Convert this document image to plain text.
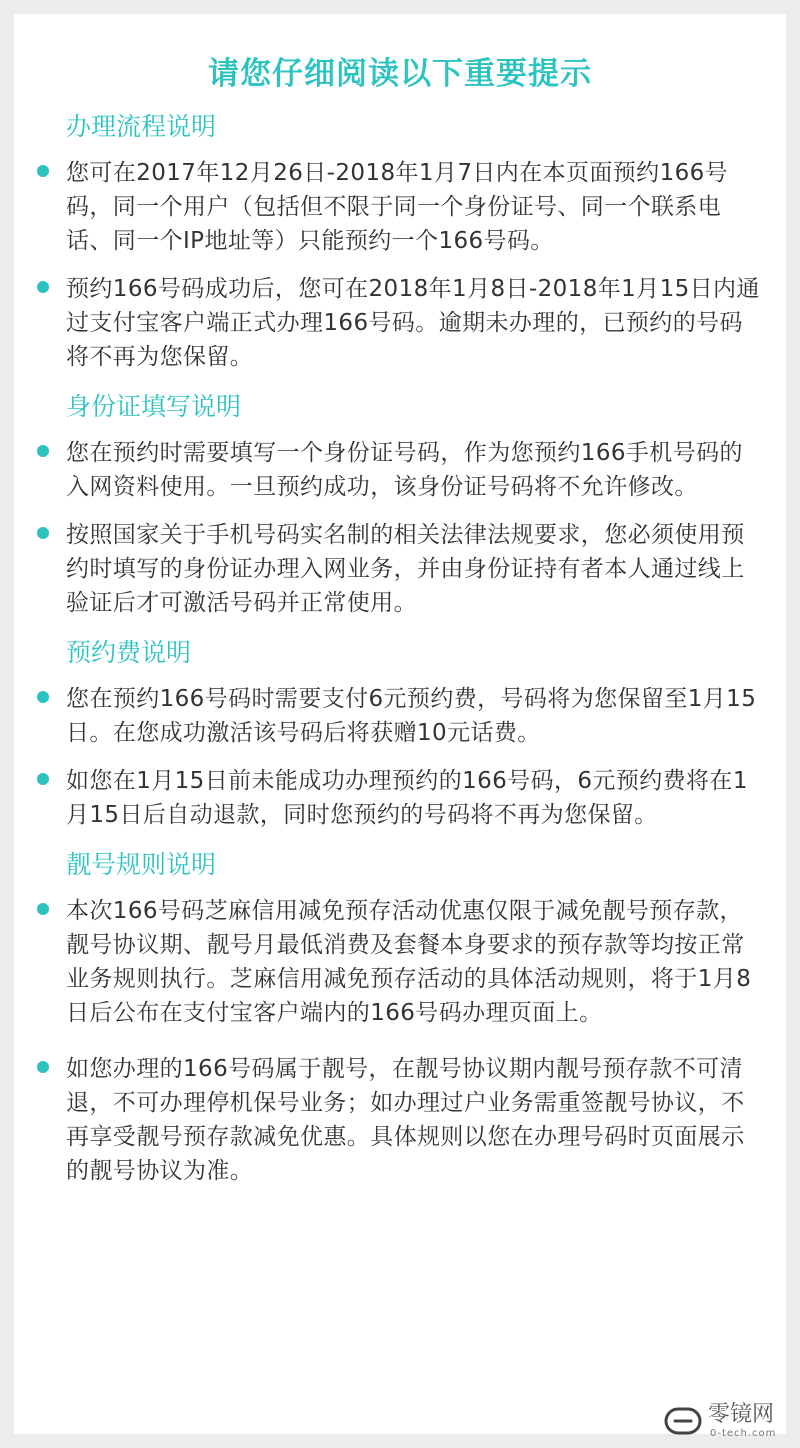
请您仔细阅读以下重要提示
办理流程说明
您可在2017年12月26日-2018年1月7日内在本页面预约166号码，同一个用户（包括但不限于同一个身份证号、同一个联系电话、同一个IP地址等）只能预约一个166号码。
预约166号码成功后，您可在2018年1月8日-2018年1月15日内通过支付宝客户端正式办理166号码。逾期未办理的，已预约的号码将不再为您保留。
身份证填写说明
您在预约时需要填写一个身份证号码，作为您预约166手机号码的入网资料使用。一旦预约成功，该身份证号码将不允许修改。
按照国家关于手机号码实名制的相关法律法规要求，您必须使用预约时填写的身份证办理入网业务，并由身份证持有者本人通过线上验证后才可激活号码并正常使用。
预约费说明
您在预约166号码时需要支付6元预约费，号码将为您保留至1月15日。在您成功激活该号码后将获赠10元话费。
如您在1月15日前未能成功办理预约的166号码，6元预约费将在1月15日后自动退款，同时您预约的号码将不再为您保留。
靓号规则说明
本次166号码芝麻信用减免预存活动优惠仅限于减免靓号预存款，靓号协议期、靓号月最低消费及套餐本身要求的预存款等均按正常业务规则执行。芝麻信用减免预存活动的具体活动规则，将于1月8日后公布在支付宝客户端内的166号码办理页面上。
如您办理的166号码属于靓号，在靓号协议期内靓号预存款不可清退，不可办理停机保号业务；如办理过户业务需重签靓号协议，不再享受靓号预存款减免优惠。具体规则以您在办理号码时页面展示的靓号协议为准。
零镜网
0-tech.com
